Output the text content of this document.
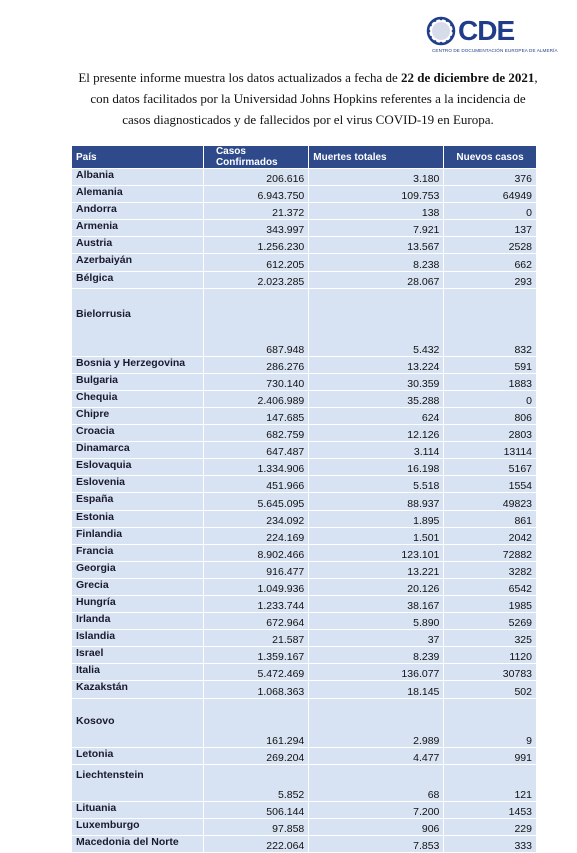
CDE
CENTRO DE DOCUMENTACIÓN EUROPEA DE ALMERÍA

El presente informe muestra los datos actualizados a fecha de 22 de diciembre de 2021, con datos facilitados por la Universidad Johns Hopkins referentes a la incidencia de casos diagnosticados y de fallecidos por el virus COVID-19 en Europa.

País	Casos Confirmados	Muertes totales	Nuevos casos
Albania	206.616	3.180	376
Alemania	6.943.750	109.753	64949
Andorra	21.372	138	0
Armenia	343.997	7.921	137
Austria	1.256.230	13.567	2528
Azerbaiyán	612.205	8.238	662
Bélgica	2.023.285	28.067	293
Bielorrusia	687.948	5.432	832
Bosnia y Herzegovina	286.276	13.224	591
Bulgaria	730.140	30.359	1883
Chequia	2.406.989	35.288	0
Chipre	147.685	624	806
Croacia	682.759	12.126	2803
Dinamarca	647.487	3.114	13114
Eslovaquia	1.334.906	16.198	5167
Eslovenia	451.966	5.518	1554
España	5.645.095	88.937	49823
Estonia	234.092	1.895	861
Finlandia	224.169	1.501	2042
Francia	8.902.466	123.101	72882
Georgia	916.477	13.221	3282
Grecia	1.049.936	20.126	6542
Hungría	1.233.744	38.167	1985
Irlanda	672.964	5.890	5269
Islandia	21.587	37	325
Israel	1.359.167	8.239	1120
Italia	5.472.469	136.077	30783
Kazakstán	1.068.363	18.145	502
Kosovo	161.294	2.989	9
Letonia	269.204	4.477	991
Liechtenstein	5.852	68	121
Lituania	506.144	7.200	1453
Luxemburgo	97.858	906	229
Macedonia del Norte	222.064	7.853	333
